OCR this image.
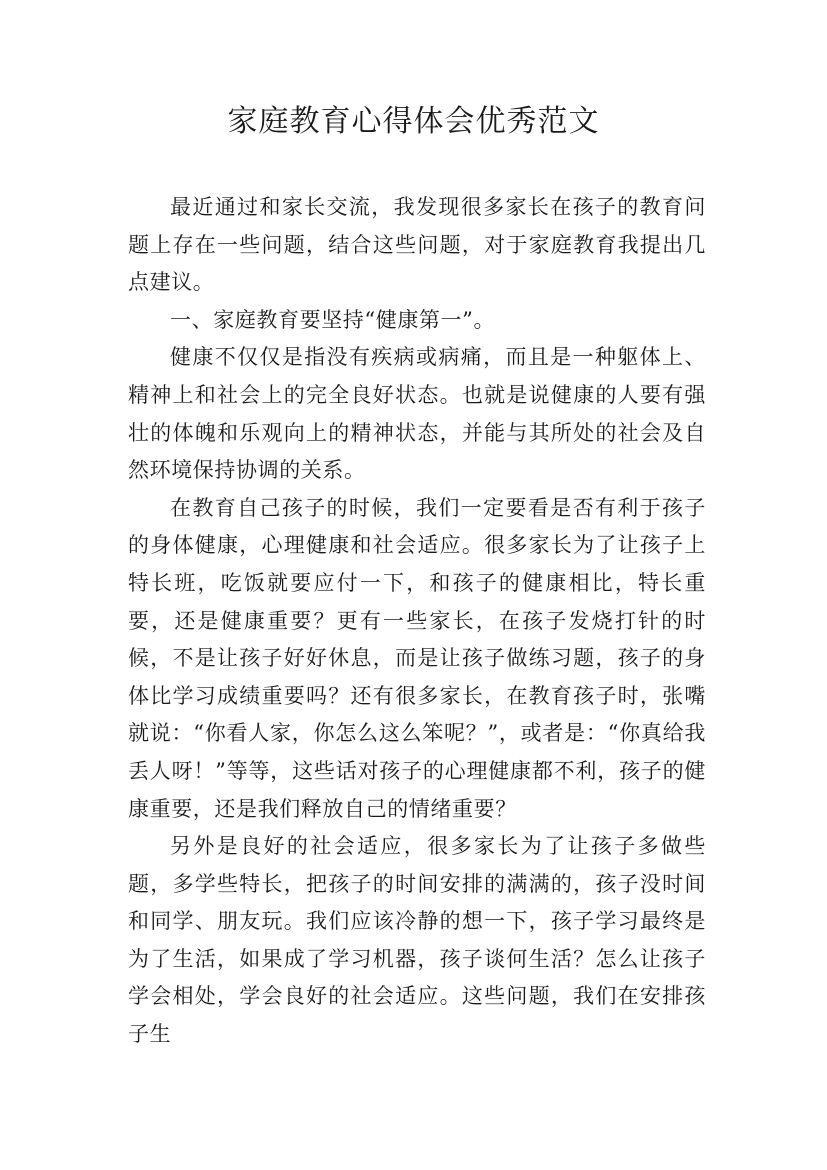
家庭教育心得体会优秀范文

最近通过和家长交流，我发现很多家长在孩子的教育问题上存在一些问题，结合这些问题，对于家庭教育我提出几点建议。

一、家庭教育要坚持“健康第一”。

健康不仅仅是指没有疾病或病痛，而且是一种躯体上、精神上和社会上的完全良好状态。也就是说健康的人要有强壮的体魄和乐观向上的精神状态，并能与其所处的社会及自然环境保持协调的关系。

在教育自己孩子的时候，我们一定要看是否有利于孩子的身体健康，心理健康和社会适应。很多家长为了让孩子上特长班，吃饭就要应付一下，和孩子的健康相比，特长重要，还是健康重要？更有一些家长，在孩子发烧打针的时候，不是让孩子好好休息，而是让孩子做练习题，孩子的身体比学习成绩重要吗？还有很多家长，在教育孩子时，张嘴就说：“你看人家，你怎么这么笨呢？”，或者是：“你真给我丢人呀！”等等，这些话对孩子的心理健康都不利，孩子的健康重要，还是我们释放自己的情绪重要？

另外是良好的社会适应，很多家长为了让孩子多做些题，多学些特长，把孩子的时间安排的满满的，孩子没时间和同学、朋友玩。我们应该冷静的想一下，孩子学习最终是为了生活，如果成了学习机器，孩子谈何生活？怎么让孩子学会相处，学会良好的社会适应。这些问题，我们在安排孩子生
